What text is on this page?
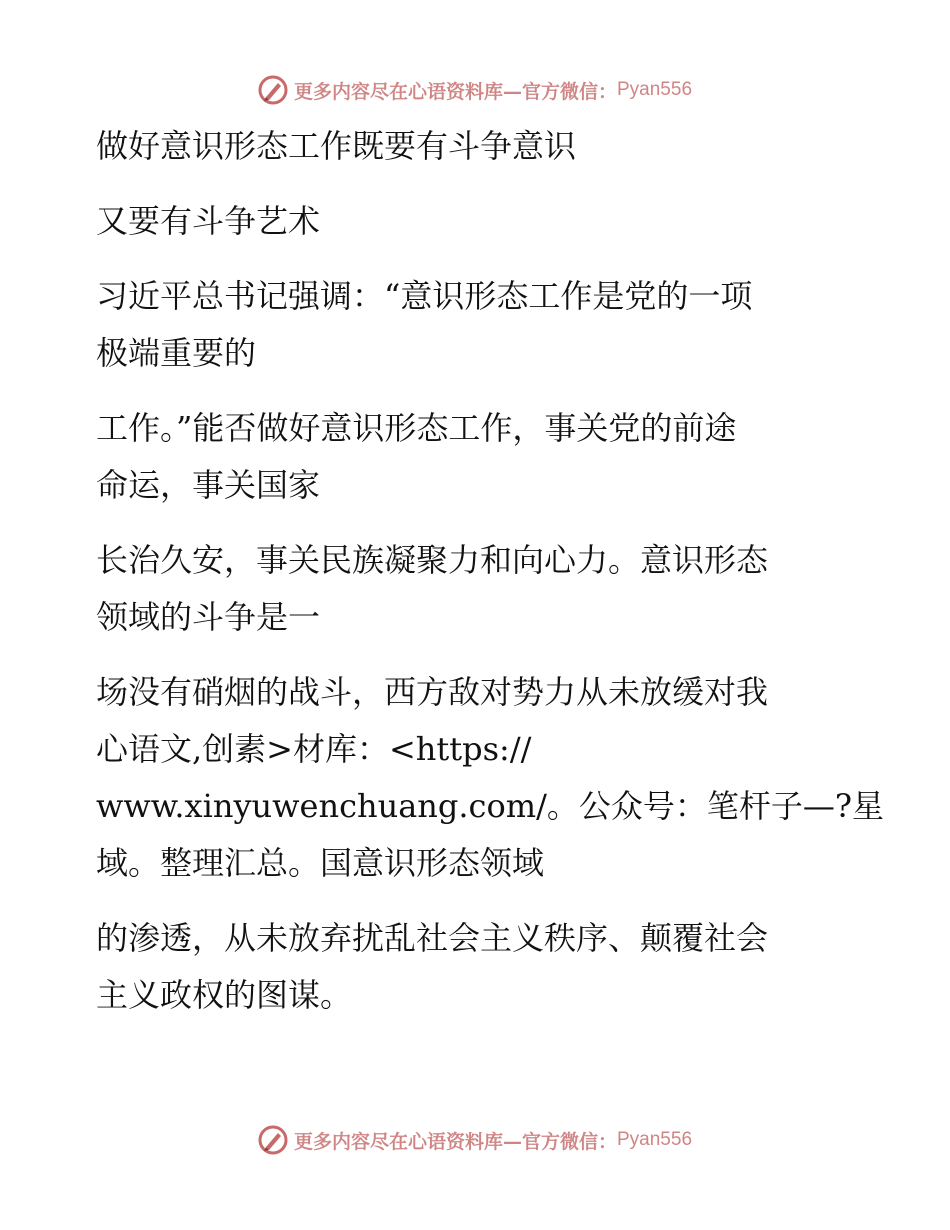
更多内容尽在心语资料库—官方微信： Pyan556
做好意识形态工作既要有斗争意识
又要有斗争艺术
习近平总书记强调：“意识形态工作是党的一项
极端重要的
工作。”能否做好意识形态工作，事关党的前途
命运，事关国家
长治久安，事关民族凝聚力和向心力。意识形态
领域的斗争是一
场没有硝烟的战斗，西方敌对势力从未放缓对我
心语文,创素>材库：<https://
www.xinyuwenchuang.com/。公众号：笔杆子—?星
域。整理汇总。国意识形态领域
的渗透，从未放弃扰乱社会主义秩序、颠覆社会
主义政权的图谋。
更多内容尽在心语资料库—官方微信： Pyan556
